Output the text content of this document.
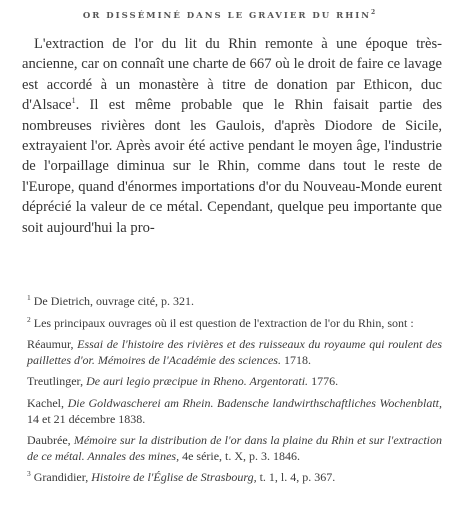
OR DISSÉMINÉ DANS LE GRAVIER DU RHIN$^2$

L'extraction de l'or du lit du Rhin remonte à une époque très-ancienne, car on connaît une charte de 667 où le droit de faire ce lavage est accordé à un monastère à titre de donation par Ethicon, duc d'Alsace$^1$. Il est même probable que le Rhin faisait partie des nombreuses rivières dont les Gaulois, d'après Diodore de Sicile, extrayaient l'or. Après avoir été active pendant le moyen âge, l'industrie de l'orpaillage diminua sur le Rhin, comme dans tout le reste de l'Europe, quand d'énormes importations d'or du Nouveau-Monde eurent déprécié la valeur de ce métal. Cependant, quelque peu importante que soit aujourd'hui la pro-

$^1$ De Dietrich, ouvrage cité, p. 321.

$^2$ Les principaux ouvrages où il est question de l'extraction de l'or du Rhin, sont :

Réaumur, Essai de l'histoire des rivières et des ruisseaux du royaume qui roulent des paillettes d'or. Mémoires de l'Académie des sciences. 1718.

Treutlinger, De auri legio præcipue in Rheno. Argentorati. 1776.

Kachel, Die Goldwascherei am Rhein. Badensche landwirthschaftliches Wochenblatt, 14 et 21 décembre 1838.

Daubrée, Mémoire sur la distribution de l'or dans la plaine du Rhin et sur l'extraction de ce métal. Annales des mines, 4e série, t. X, p. 3. 1846.

$^3$ Grandidier, Histoire de l'Église de Strasbourg, t. 1, l. 4, p. 367.
